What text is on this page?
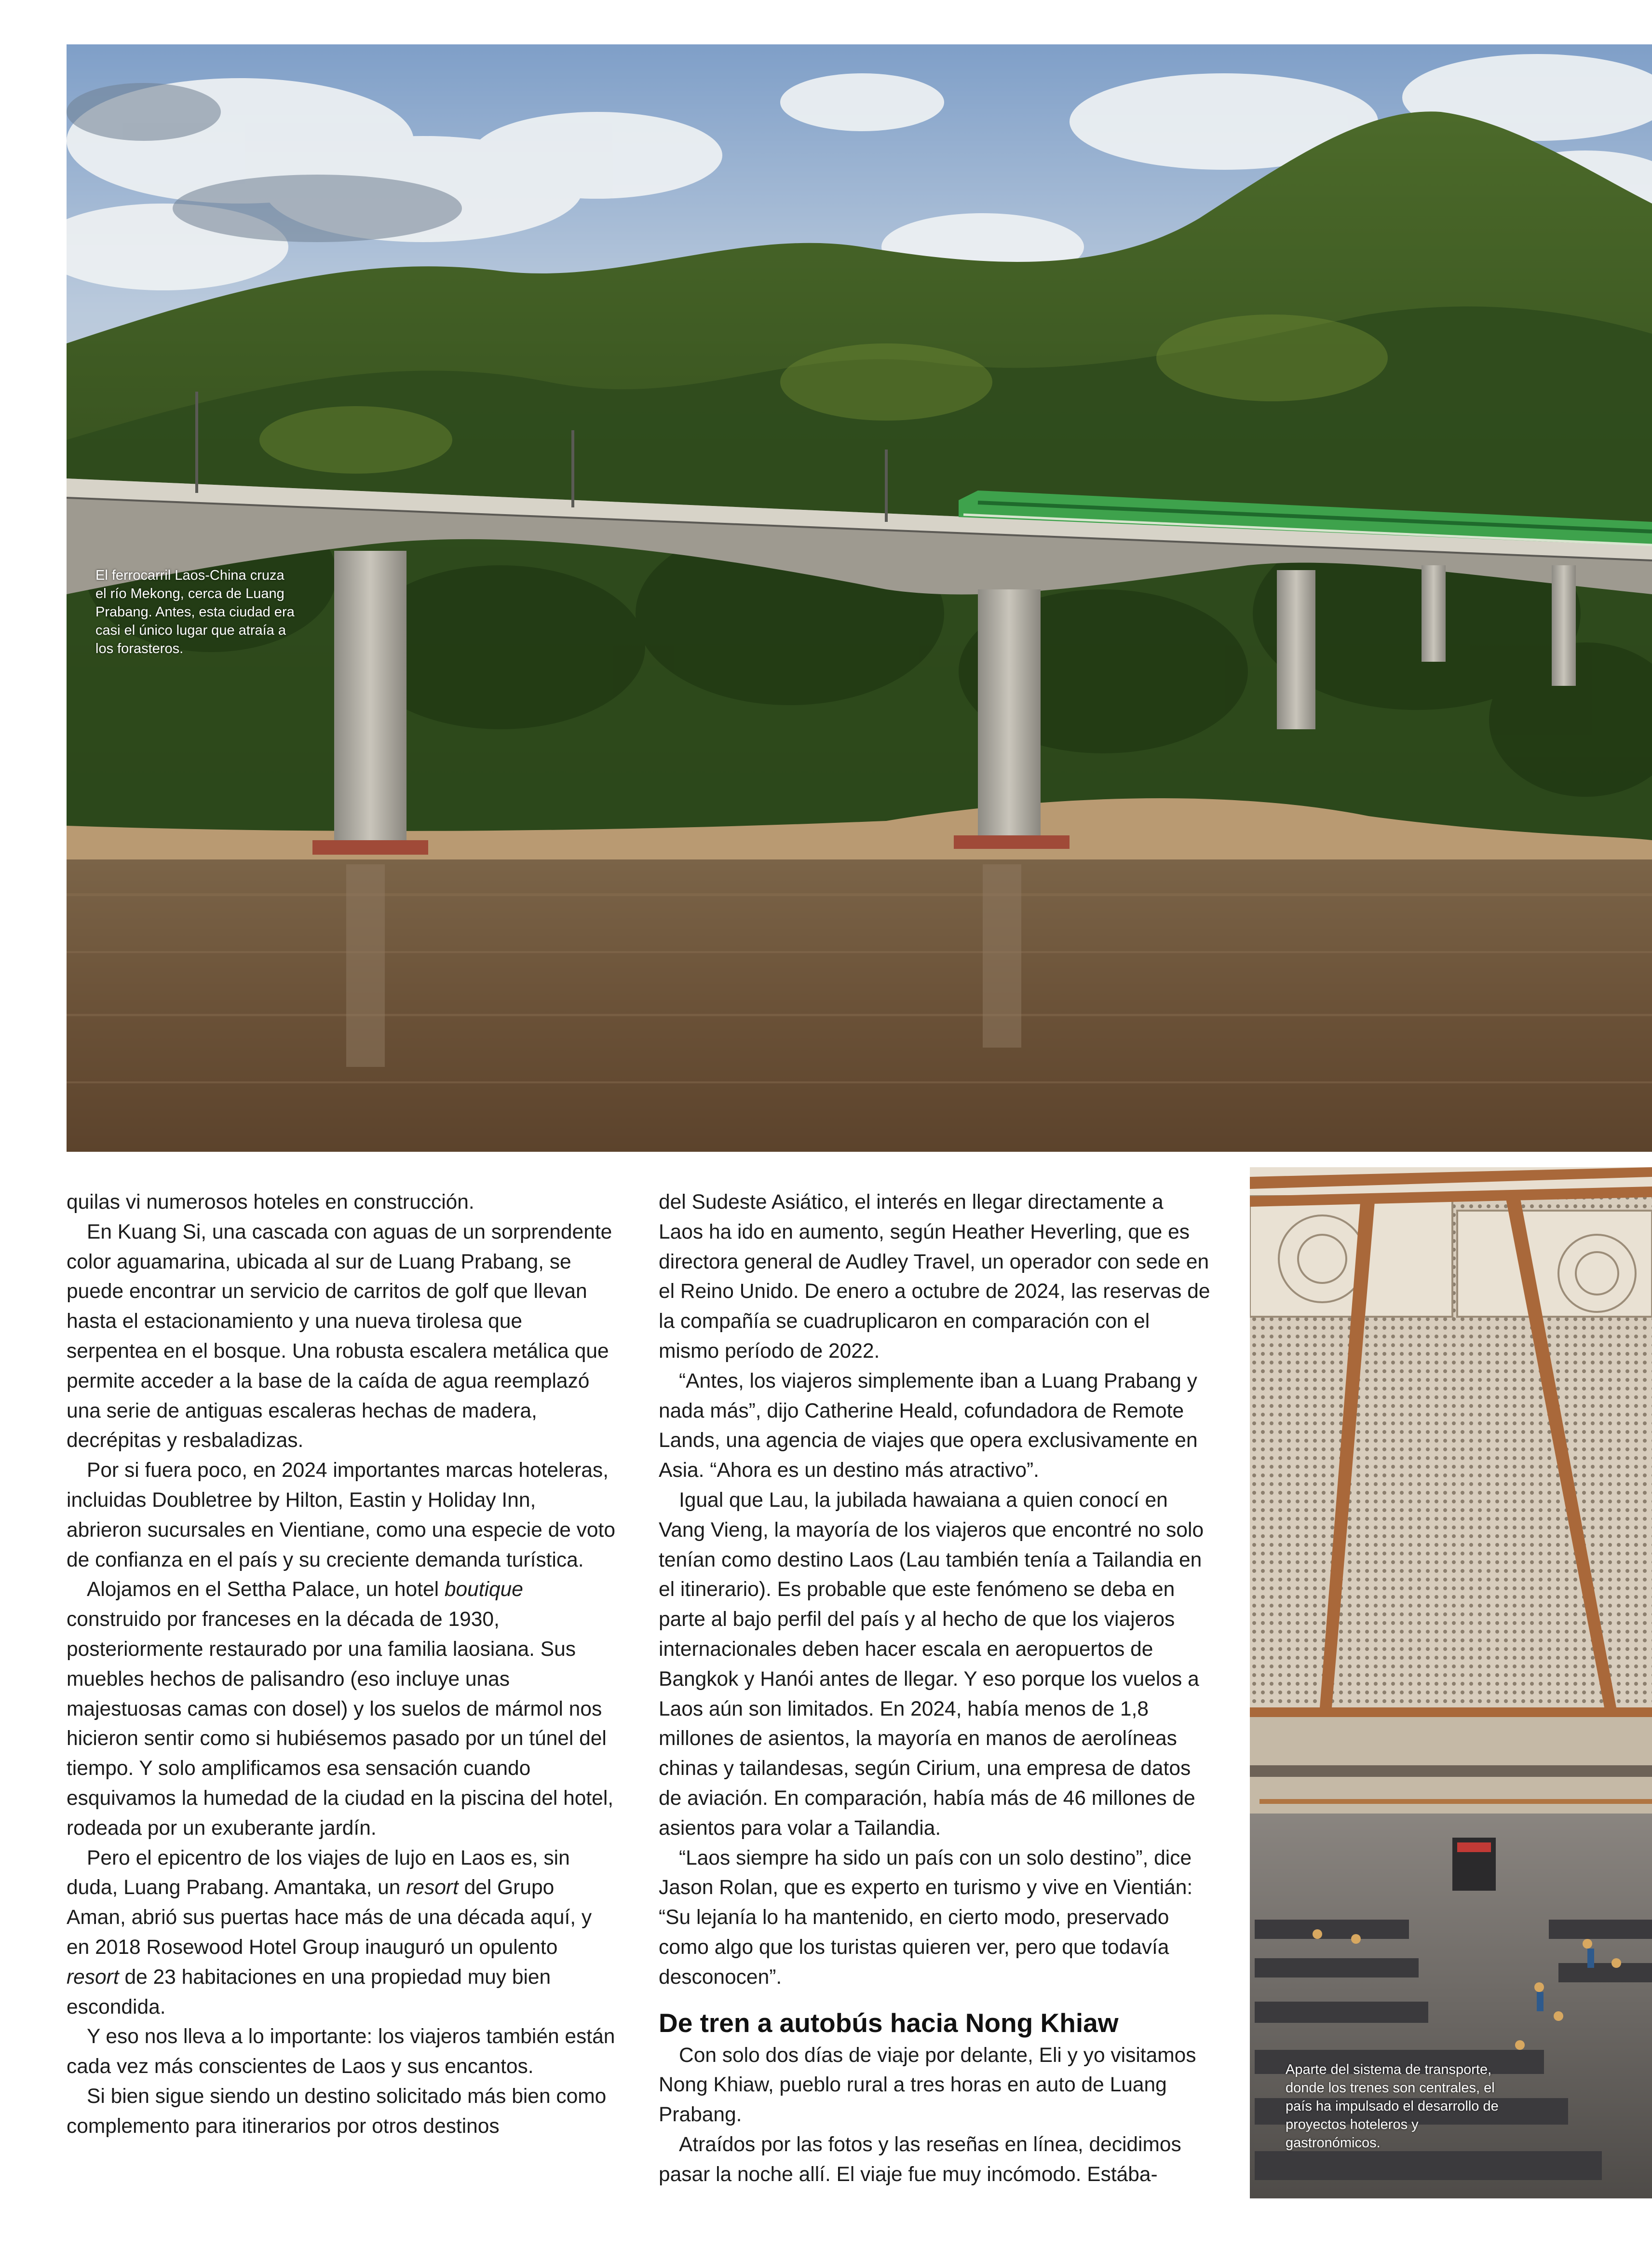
El ferrocarril Laos-China cruza el río Mekong, cerca de Luang Prabang. Antes, esta ciudad era casi el único lugar que atraía a los forasteros.

quilas vi numerosos hoteles en construcción.

En Kuang Si, una cascada con aguas de un sorprendente color aguamarina, ubicada al sur de Luang Prabang, se puede encontrar un servicio de carritos de golf que llevan hasta el estacionamiento y una nueva tirolesa que serpentea en el bosque. Una robusta escalera metálica que permite acceder a la base de la caída de agua reemplazó una serie de antiguas escaleras hechas de madera, decrépitas y resbaladizas.

Por si fuera poco, en 2024 importantes marcas hoteleras, incluidas Doubletree by Hilton, Eastin y Holiday Inn, abrieron sucursales en Vientiane, como una especie de voto de confianza en el país y su creciente demanda turística.

Alojamos en el Settha Palace, un hotel boutique construido por franceses en la década de 1930, posteriormente restaurado por una familia laosiana. Sus muebles hechos de palisandro (eso incluye unas majestuosas camas con dosel) y los suelos de mármol nos hicieron sentir como si hubiésemos pasado por un túnel del tiempo. Y solo amplificamos esa sensación cuando esquivamos la humedad de la ciudad en la piscina del hotel, rodeada por un exuberante jardín.

Pero el epicentro de los viajes de lujo en Laos es, sin duda, Luang Prabang. Amantaka, un resort del Grupo Aman, abrió sus puertas hace más de una década aquí, y en 2018 Rosewood Hotel Group inauguró un opulento resort de 23 habitaciones en una propiedad muy bien escondida.

Y eso nos lleva a lo importante: los viajeros también están cada vez más conscientes de Laos y sus encantos.

Si bien sigue siendo un destino solicitado más bien como complemento para itinerarios por otros destinos

del Sudeste Asiático, el interés en llegar directamente a Laos ha ido en aumento, según Heather Heverling, que es directora general de Audley Travel, un operador con sede en el Reino Unido. De enero a octubre de 2024, las reservas de la compañía se cuadruplicaron en comparación con el mismo período de 2022.

“Antes, los viajeros simplemente iban a Luang Prabang y nada más”, dijo Catherine Heald, cofundadora de Remote Lands, una agencia de viajes que opera exclusivamente en Asia. “Ahora es un destino más atractivo”.

Igual que Lau, la jubilada hawaiana a quien conocí en Vang Vieng, la mayoría de los viajeros que encontré no solo tenían como destino Laos (Lau también tenía a Tailandia en el itinerario). Es probable que este fenómeno se deba en parte al bajo perfil del país y al hecho de que los viajeros internacionales deben hacer escala en aeropuertos de Bangkok y Hanói antes de llegar. Y eso porque los vuelos a Laos aún son limitados. En 2024, había menos de 1,8 millones de asientos, la mayoría en manos de aerolíneas chinas y tailandesas, según Cirium, una empresa de datos de aviación. En comparación, había más de 46 millones de asientos para volar a Tailandia.

“Laos siempre ha sido un país con un solo destino”, dice Jason Rolan, que es experto en turismo y vive en Vientián: “Su lejanía lo ha mantenido, en cierto modo, preservado como algo que los turistas quieren ver, pero que todavía desconocen”.

De tren a autobús hacia Nong Khiaw

Con solo dos días de viaje por delante, Eli y yo visitamos Nong Khiaw, pueblo rural a tres horas en auto de Luang Prabang.

Atraídos por las fotos y las reseñas en línea, decidimos pasar la noche allí. El viaje fue muy incómodo. Estába-

Aparte del sistema de transporte, donde los trenes son centrales, el país ha impulsado el desarrollo de proyectos hoteleros y gastronómicos.
